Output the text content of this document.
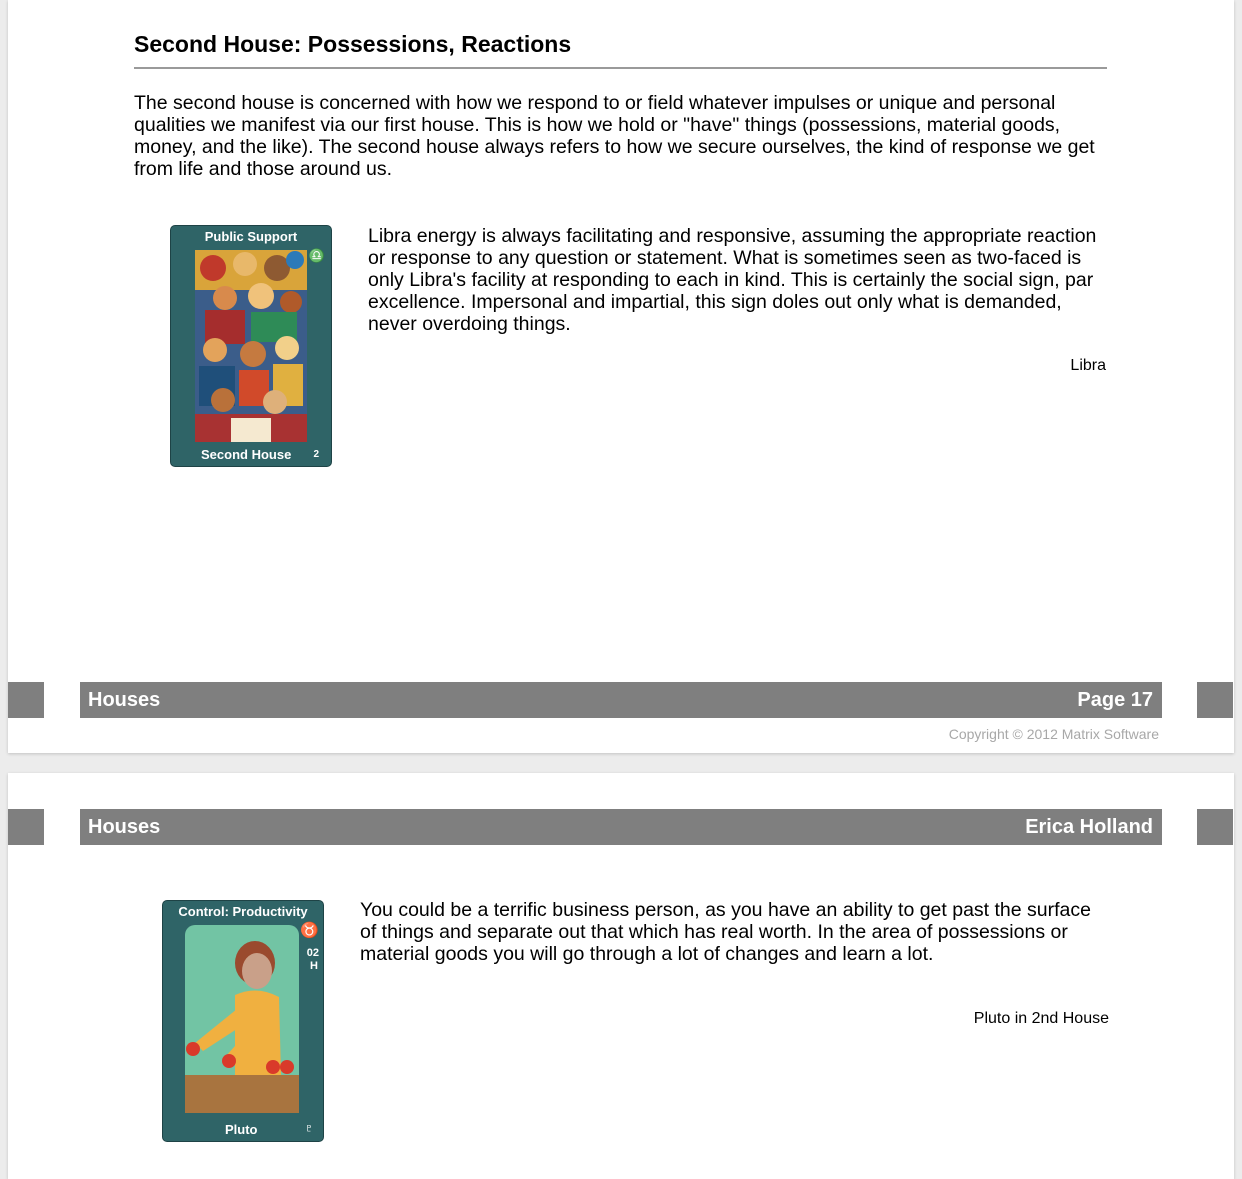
Second House: Possessions, Reactions

The second house is concerned with how we respond to or field whatever impulses or unique and personal qualities we manifest via our first house. This is how we hold or "have" things (possessions, material goods, money, and the like). The second house always refers to how we secure ourselves, the kind of response we get from life and those around us.

Public Support
♎
Second House 2

Libra energy is always facilitating and responsive, assuming the appropriate reaction or response to any question or statement. What is sometimes seen as two-faced is only Libra's facility at responding to each in kind. This is certainly the social sign, par excellence. Impersonal and impartial, this sign doles out only what is demanded, never overdoing things.

Libra
Houses	Page 17
Copyright © 2012 Matrix Software
Houses	Erica Holland
Pluto in 2nd House
Control: Productivity
♉
02
H
Pluto	♇

You could be a terrific business person, as you have an ability to get past the surface of things and separate out that which has real worth. In the area of possessions or material goods you will go through a lot of changes and learn a lot.
